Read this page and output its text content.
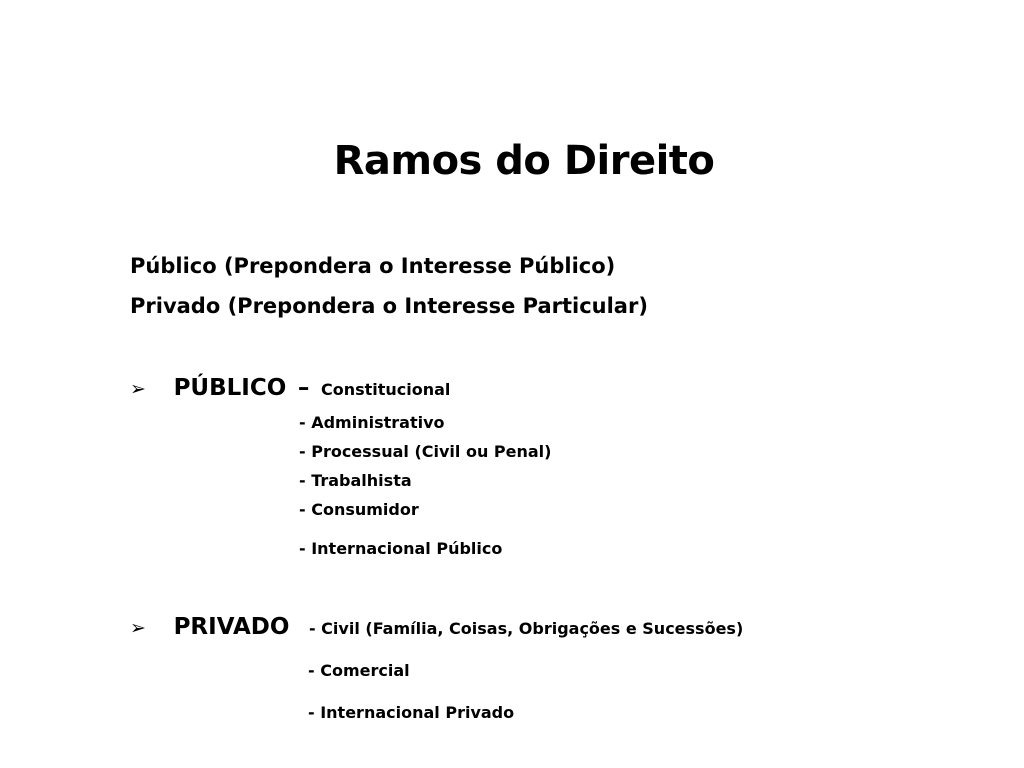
Ramos do Direito
Público (Prepondera o Interesse Público)
Privado (Prepondera o Interesse Particular)
➢ PÚBLICO – Constitucional
- Administrativo
- Processual (Civil ou Penal)
- Trabalhista
- Consumidor
- Internacional Público
➢ PRIVADO - Civil (Família, Coisas, Obrigações e Sucessões)
- Comercial
- Internacional Privado
